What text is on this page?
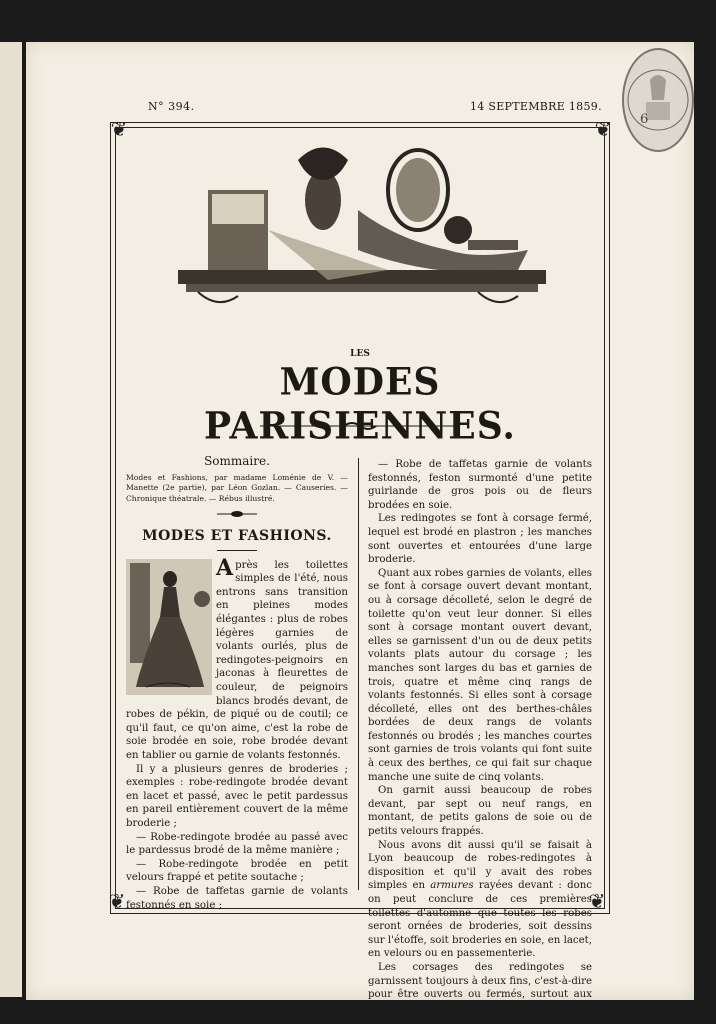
N° 394.	14 SEPTEMBRE 1859.
6
❦	❦
❦	❦
LES
MODES PARISIENNES.
Sommaire.

Modes et Fashions, par madame Loménie de V. — Manette (2e partie), par Léon Gozlan. — Causeries. — Chronique théatrale. — Rébus illustré.

MODES ET FASHIONS.

Après les toilettes simples de l'été, nous entrons sans transition en pleines modes élégantes : plus de robes légères garnies de volants ourlés, plus de redingotes-peignoirs en jaconas à fleurettes de couleur, de peignoirs blancs brodés devant, de robes de pékin, de piqué ou de coutil; ce qu'il faut, ce qu'on aime, c'est la robe de soie brodée en soie, robe brodée devant en tablier ou garnie de volants festonnés.

Il y a plusieurs genres de broderies ; exemples : robe-redingote brodée devant en lacet et passé, avec le petit pardessus en pareil entièrement couvert de la même broderie ;

— Robe-redingote brodée au passé avec le pardessus brodé de la même manière ;

— Robe-redingote brodée en petit velours frappé et petite soutache ;

— Robe de taffetas garnie de volants festonnés en soie ;

— Robe de taffetas garnie de volants festonnés, feston surmonté d'une petite guirlande de gros pois ou de fleurs brodées en soie.

Les redingotes se font à corsage fermé, lequel est brodé en plastron ; les manches sont ouvertes et entourées d'une large broderie.

Quant aux robes garnies de volants, elles se font à corsage ouvert devant montant, ou à corsage décolleté, selon le degré de toilette qu'on veut leur donner. Si elles sont à corsage montant ouvert devant, elles se garnissent d'un ou de deux petits volants plats autour du corsage ; les manches sont larges du bas et garnies de trois, quatre et même cinq rangs de volants festonnés. Si elles sont à corsage décolleté, elles ont des berthes-châles bordées de deux rangs de volants festonnés ou brodés ; les manches courtes sont garnies de trois volants qui font suite à ceux des berthes, ce qui fait sur chaque manche une suite de cinq volants.

On garnit aussi beaucoup de robes devant, par sept ou neuf rangs, en montant, de petits galons de soie ou de petits velours frappés.

Nous avons dit aussi qu'il se faisait à Lyon beaucoup de robes-redingotes à disposition et qu'il y avait des robes simples en armures rayées devant : donc on peut conclure de ces premières toilettes d'automne que toutes les robes seront ornées de broderies, soit dessins sur l'étoffe, soit broderies en soie, en lacet, en velours ou en passementerie.

Les corsages des redingotes se garnissent toujours à deux fins, c'est-à-dire pour être ouverts ou fermés, surtout aux robes destinées à la demi-toilette.
